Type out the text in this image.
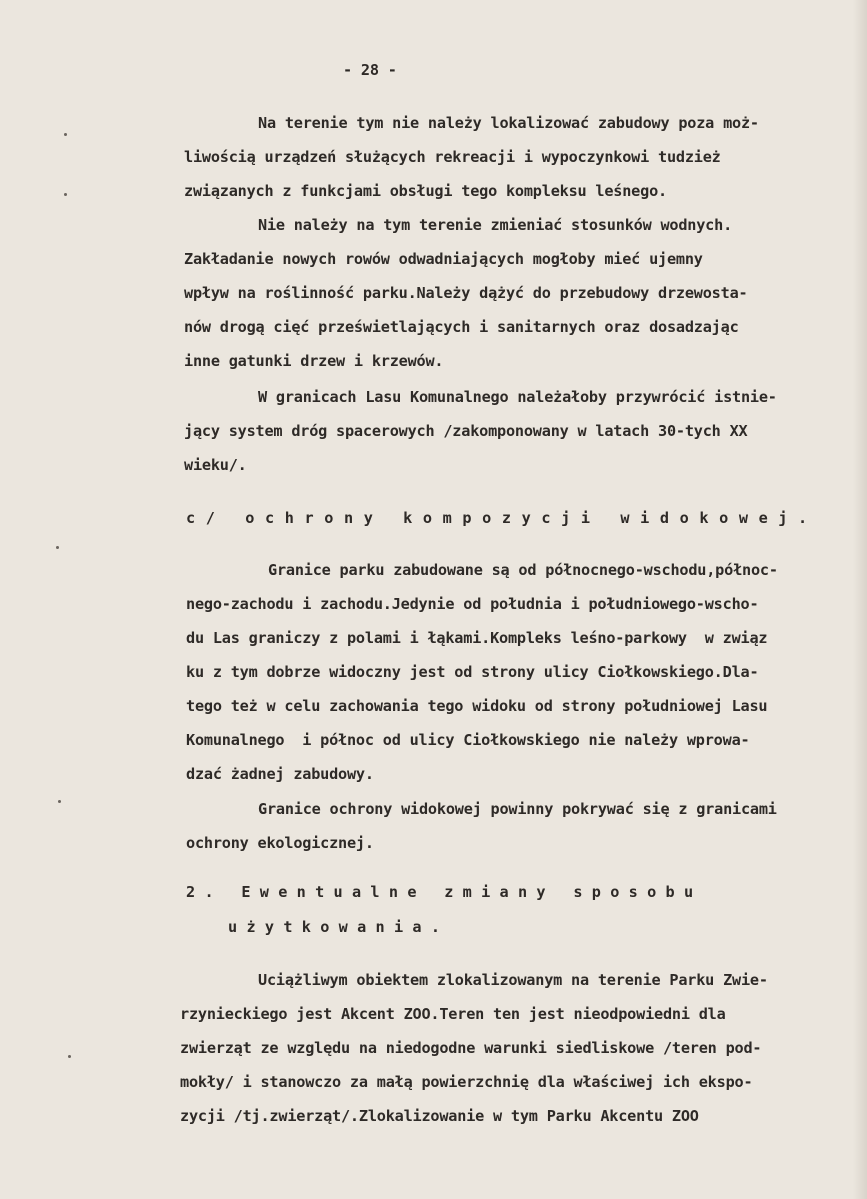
- 28 -
Na terenie tym nie należy lokalizować zabudowy poza moż-
liwością urządzeń służących rekreacji i wypoczynkowi tudzież
związanych z funkcjami obsługi tego kompleksu leśnego.
Nie należy na tym terenie zmieniać stosunków wodnych.
Zakładanie nowych rowów odwadniających mogłoby mieć ujemny
wpływ na roślinność parku.Należy dążyć do przebudowy drzewosta-
nów drogą cięć prześwietlających i sanitarnych oraz dosadzając
inne gatunki drzew i krzewów.
W granicach Lasu Komunalnego należałoby przywrócić istnie-
jący system dróg spacerowych /zakomponowany w latach 30-tych XX
wieku/.
c/ ochrony kompozycji widokowej.
Granice parku zabudowane są od północnego-wschodu,północ-
nego-zachodu i zachodu.Jedynie od południa i południowego-wscho-
du Las graniczy z polami i łąkami.Kompleks leśno-parkowy  w związ
ku z tym dobrze widoczny jest od strony ulicy Ciołkowskiego.Dla-
tego też w celu zachowania tego widoku od strony południowej Lasu
Komunalnego  i północ od ulicy Ciołkowskiego nie należy wprowa-
dzać żadnej zabudowy.
Granice ochrony widokowej powinny pokrywać się z granicami
ochrony ekologicznej.
2. Ewentualne zmiany sposobu
użytkowania.
Uciążliwym obiektem zlokalizowanym na terenie Parku Zwie-
rzynieckiego jest Akcent ZOO.Teren ten jest nieodpowiedni dla
zwierząt ze względu na niedogodne warunki siedliskowe /teren pod-
mokły/ i stanowczo za małą powierzchnię dla właściwej ich ekspo-
zycji /tj.zwierząt/.Zlokalizowanie w tym Parku Akcentu ZOO
